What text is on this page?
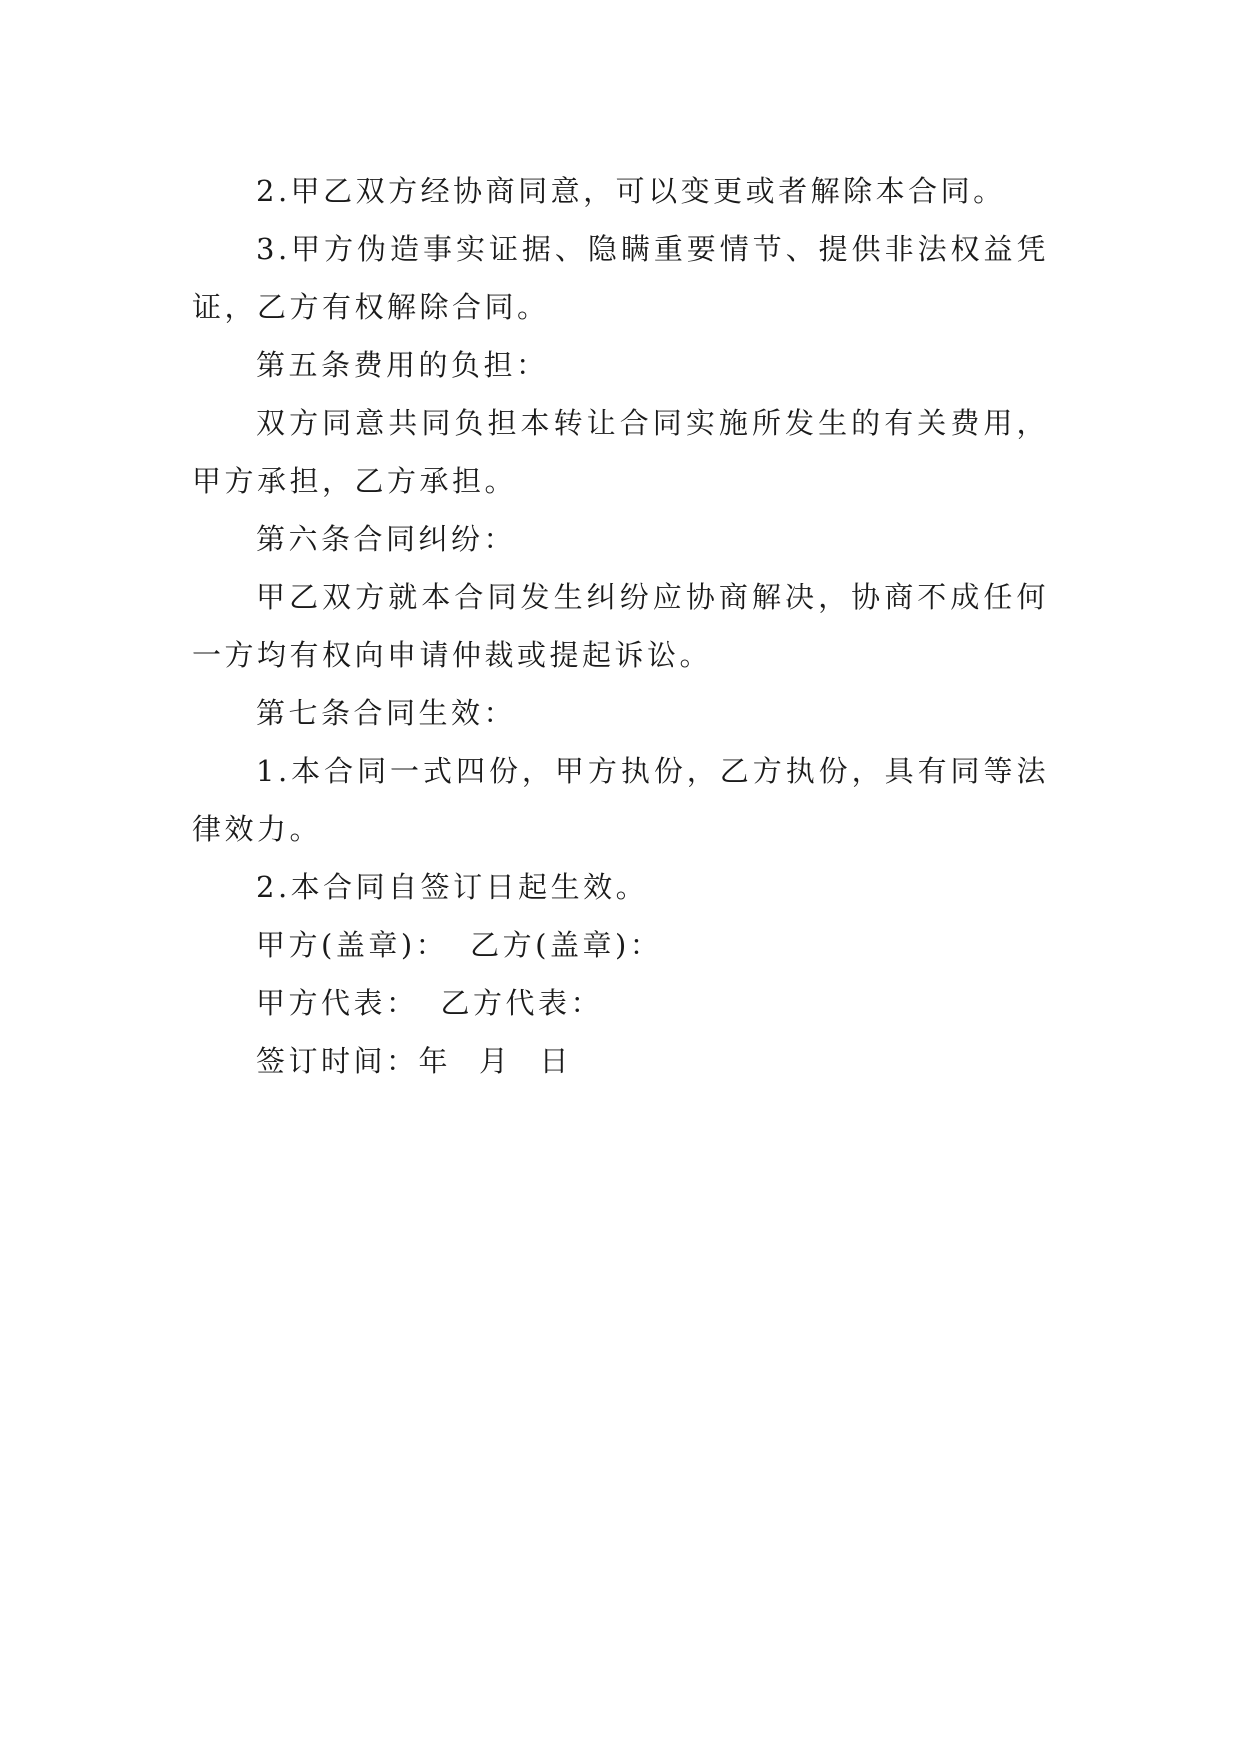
2.甲乙双方经协商同意，可以变更或者解除本合同。

3.甲方伪造事实证据、隐瞒重要情节、提供非法权益凭证，乙方有权解除合同。

第五条费用的负担：

双方同意共同负担本转让合同实施所发生的有关费用，甲方承担，乙方承担。

第六条合同纠纷：

甲乙双方就本合同发生纠纷应协商解决，协商不成任何一方均有权向申请仲裁或提起诉讼。

第七条合同生效：

1.本合同一式四份，甲方执份，乙方执份，具有同等法律效力。

2.本合同自签订日起生效。

甲方(盖章)： 乙方(盖章)：
甲方代表： 乙方代表：
签订时间：年 月 日
